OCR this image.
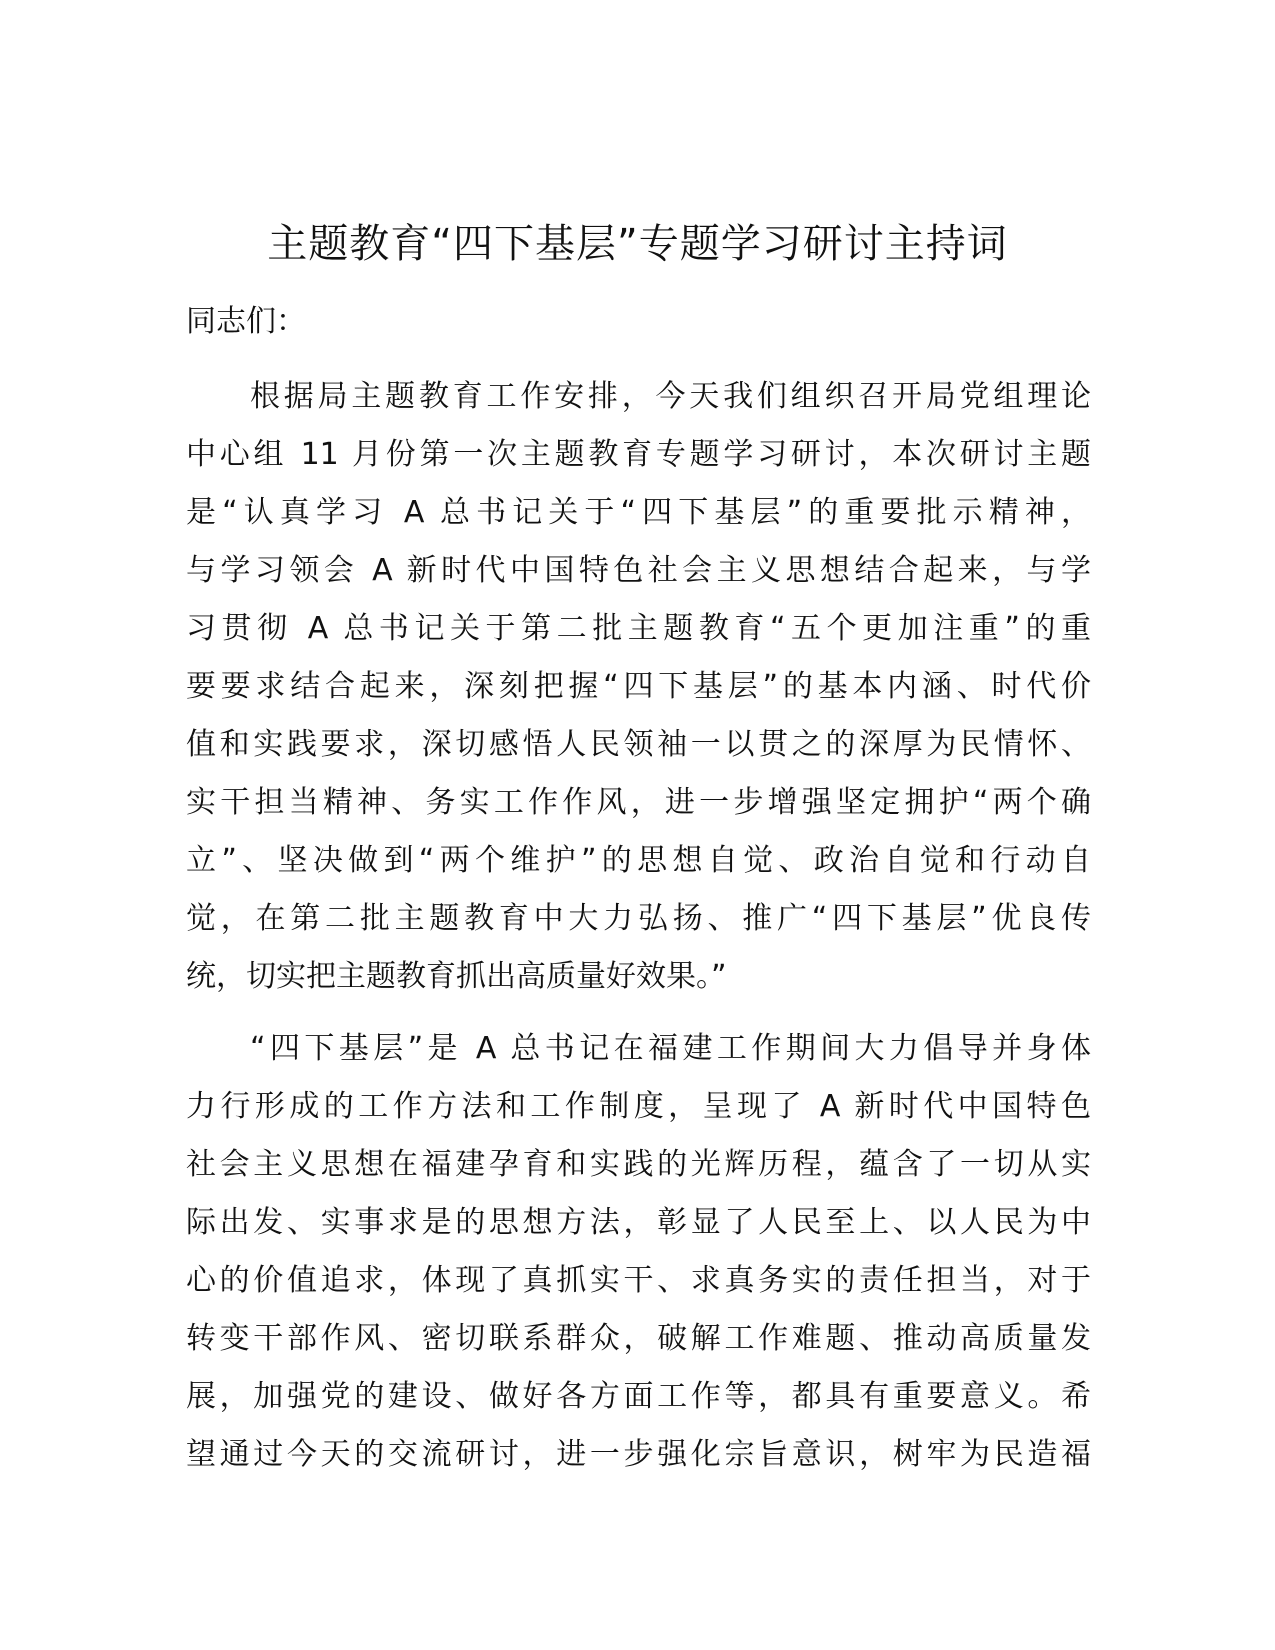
主题教育“四下基层”专题学习研讨主持词
同志们：
根据局主题教育工作安排，今天我们组织召开局党组理论
中心组 11 月份第一次主题教育专题学习研讨，本次研讨主题
是“认真学习 A 总书记关于“四下基层”的重要批示精神，
与学习领会 A 新时代中国特色社会主义思想结合起来，与学
习贯彻 A 总书记关于第二批主题教育“五个更加注重”的重
要要求结合起来，深刻把握“四下基层”的基本内涵、时代价
值和实践要求，深切感悟人民领袖一以贯之的深厚为民情怀、
实干担当精神、务实工作作风，进一步增强坚定拥护“两个确
立”、坚决做到“两个维护”的思想自觉、政治自觉和行动自
觉，在第二批主题教育中大力弘扬、推广“四下基层”优良传
统，切实把主题教育抓出高质量好效果。”
“四下基层”是 A 总书记在福建工作期间大力倡导并身体
力行形成的工作方法和工作制度，呈现了 A 新时代中国特色
社会主义思想在福建孕育和实践的光辉历程，蕴含了一切从实
际出发、实事求是的思想方法，彰显了人民至上、以人民为中
心的价值追求，体现了真抓实干、求真务实的责任担当，对于
转变干部作风、密切联系群众，破解工作难题、推动高质量发
展，加强党的建设、做好各方面工作等，都具有重要意义。希
望通过今天的交流研讨，进一步强化宗旨意识，树牢为民造福
